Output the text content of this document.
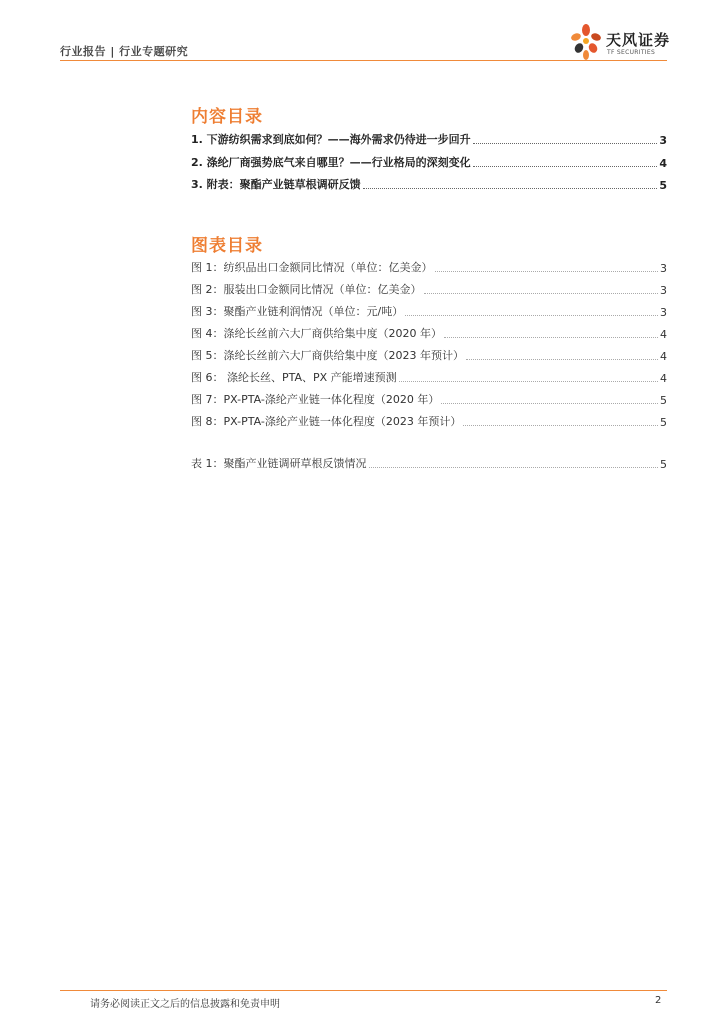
行业报告 | 行业专题研究
天风证券
TF SECURITIES
内容目录
1. 下游纺织需求到底如何？——海外需求仍待进一步回升	3
2. 涤纶厂商强势底气来自哪里？——行业格局的深刻变化	4
3. 附表：聚酯产业链草根调研反馈	5
图表目录
图 1：纺织品出口金额同比情况（单位：亿美金）	3
图 2：服装出口金额同比情况（单位：亿美金）	3
图 3：聚酯产业链利润情况（单位：元/吨）	3
图 4：涤纶长丝前六大厂商供给集中度（2020 年）	4
图 5：涤纶长丝前六大厂商供给集中度（2023 年预计）	4
图 6： 涤纶长丝、PTA、PX 产能增速预测	4
图 7：PX-PTA-涤纶产业链一体化程度（2020 年）	5
图 8：PX-PTA-涤纶产业链一体化程度（2023 年预计）	5
表 1：聚酯产业链调研草根反馈情况	5
请务必阅读正文之后的信息披露和免责申明	2
